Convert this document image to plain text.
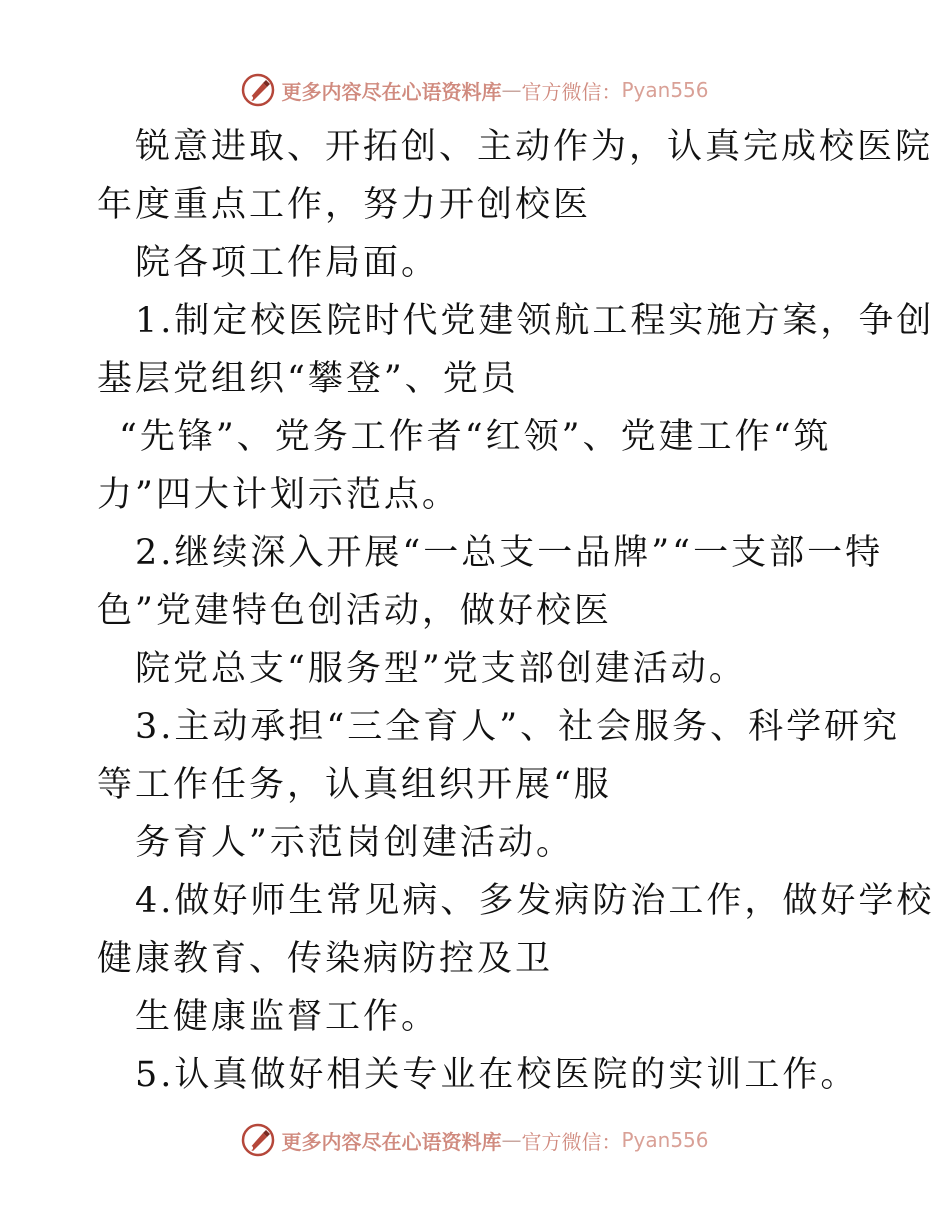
更多内容尽在心语资料库 — 官方微信： Pyan556
锐意进取、开拓创、主动作为，认真完成校医院
年度重点工作，努力开创校医
院各项工作局面。
1.制定校医院时代党建领航工程实施方案，争创
基层党组织“攀登”、党员
“先锋”、党务工作者“红领”、党建工作“筑
力”四大计划示范点。
2.继续深入开展“一总支一品牌”“一支部一特
色”党建特色创活动，做好校医
院党总支“服务型”党支部创建活动。
3.主动承担“三全育人”、社会服务、科学研究
等工作任务，认真组织开展“服
务育人”示范岗创建活动。
4.做好师生常见病、多发病防治工作，做好学校
健康教育、传染病防控及卫
生健康监督工作。
5.认真做好相关专业在校医院的实训工作。
更多内容尽在心语资料库 — 官方微信： Pyan556
